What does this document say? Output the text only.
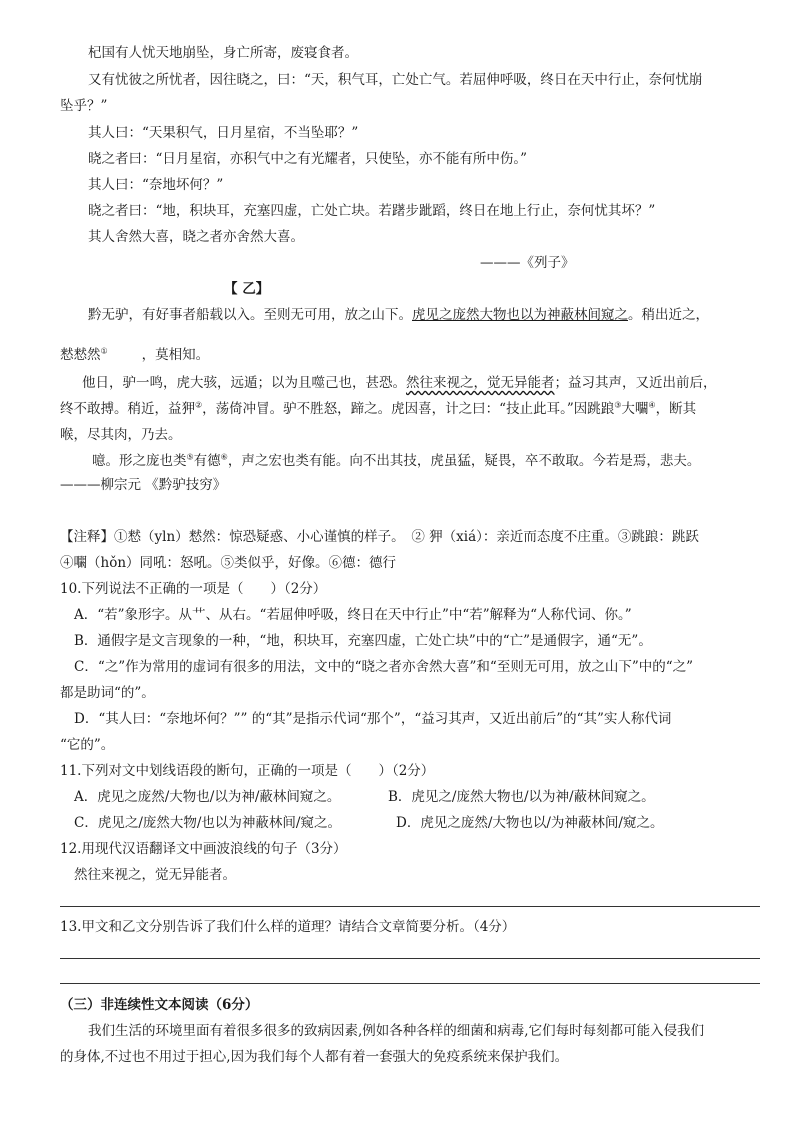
杞国有人忧天地崩坠，身亡所寄，废寝食者。
又有忧彼之所忧者，因往晓之，曰：“天，积气耳，亡处亡气。若屈伸呼吸，终日在天中行止，奈何忧崩
坠乎？”
其人曰：“天果积气，日月星宿，不当坠耶？”
晓之者曰：“日月星宿，亦积气中之有光耀者，只使坠，亦不能有所中伤。”
其人曰：“奈地坏何？”
晓之者曰：“地，积块耳，充塞四虚，亡处亡块。若躇步跐蹈，终日在地上行止，奈何忧其坏？”
其人舍然大喜，晓之者亦舍然大喜。
———《列子》
【 乙】
黔无驴，有好事者船载以入。至则无可用，放之山下。虎见之庞然大物也以为神蔽林间窥之。稍出近之，
慭慭然①	，莫相知。
他日，驴一鸣，虎大骇，远遁；以为且噬己也，甚恐。然往来视之，觉无异能者；益习其声，又近出前后，
终不敢搏。稍近，益狎②，荡倚冲冒。驴不胜怒，蹄之。虎因喜，计之曰：“技止此耳。”因跳踉③大㘚④，断其
喉，尽其肉，乃去。
噫。形之庞也类⑤有德⑥，声之宏也类有能。向不出其技，虎虽猛，疑畏，卒不敢取。今若是焉，悲夫。
———柳宗元 《黔驴技穷》
【注释】①慭（yln）慭然：惊恐疑惑、小心谨慎的样子。　② 狎（xiá）：亲近而态度不庄重。③跳踉：跳跃
④㘚（hǒn）同吼：怒吼。⑤类似乎，好像。⑥德：德行
10.下列说法不正确的一项是（　　）（2分）
A．“若”象形字。从艹、从右。“若屈伸呼吸，终日在天中行止”中“若”解释为“人称代词、你。”
B．通假字是文言现象的一种，“地，积块耳，充塞四虚，亡处亡块”中的“亡”是通假字，通“无”。
C．“之”作为常用的虚词有很多的用法，文中的“晓之者亦舍然大喜”和“至则无可用，放之山下”中的“之”
都是助词“的”。
D．“其人曰：“奈地坏何？”” 的“其”是指示代词“那个”，“益习其声，又近出前后”的“其”实人称代词
“它的”。
11.下列对文中划线语段的断句，正确的一项是（　　）（2分）
A．虎见之庞然/大物也/以为神/蔽林间窥之。	B．虎见之/庞然大物也/以为神/蔽林间窥之。
C．虎见之/庞然大物/也以为神蔽林间/窥之。	D．虎见之庞然/大物也以/为神蔽林间/窥之。
12.用现代汉语翻译文中画波浪线的句子（3分）
然往来视之，觉无异能者。
13.甲文和乙文分别告诉了我们什么样的道理？请结合文章简要分析。（4分）
（三）非连续性文本阅读（6分）
我们生活的环境里面有着很多很多的致病因素,例如各种各样的细菌和病毒,它们每时每刻都可能入侵我们
的身体,不过也不用过于担心,因为我们每个人都有着一套强大的免疫系统来保护我们。
